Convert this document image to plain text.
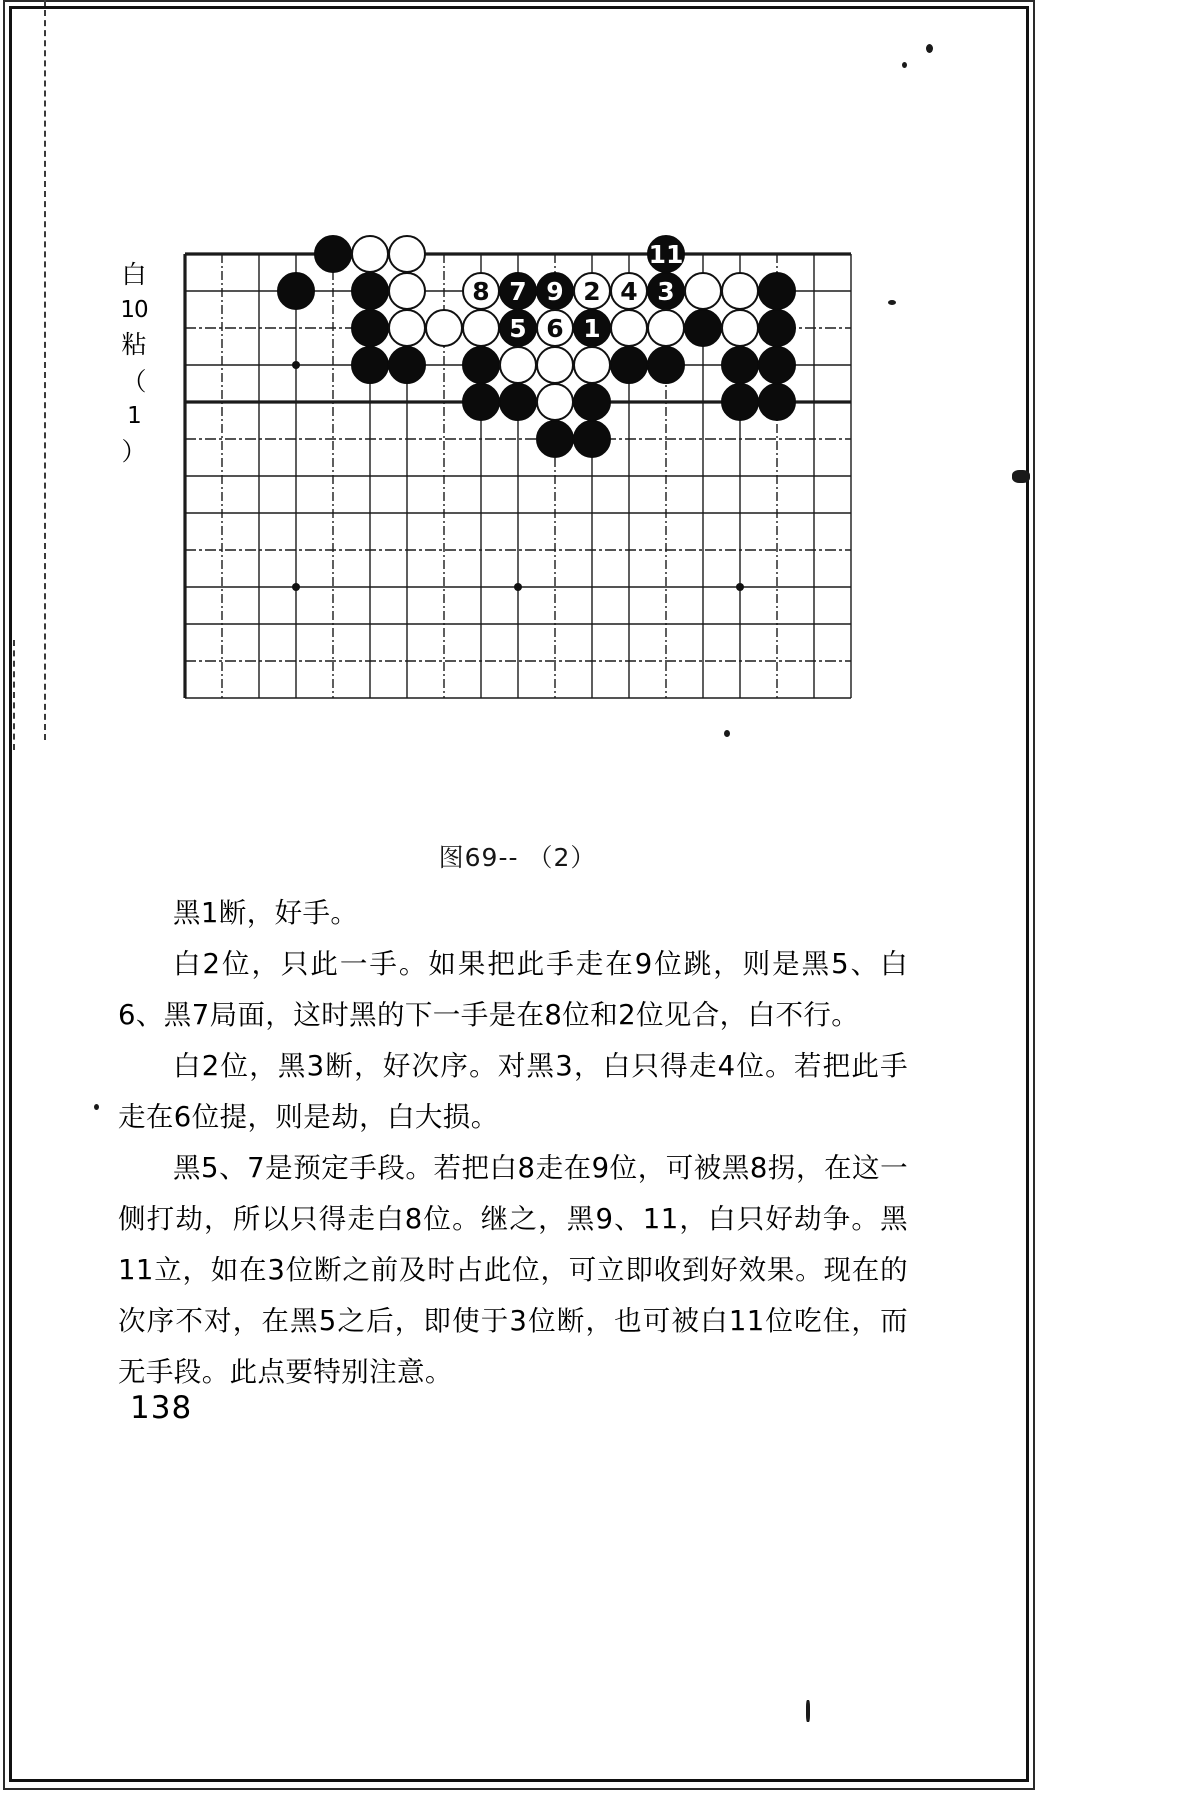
白
10
粘
（
1
）
11
8 7 9 2 4 3
5 6 1
图69-- （2）

黑1断，好手。

白2位，只此一手。如果把此手走在9位跳，则是黑5、白6、黑7局面，这时黑的下一手是在8位和2位见合，白不行。

白2位，黑3断，好次序。对黑3，白只得走4位。若把此手走在6位提，则是劫，白大损。

黑5、7是预定手段。若把白8走在9位，可被黑8拐，在这一侧打劫，所以只得走白8位。继之，黑9、11，白只好劫争。黑11立，如在3位断之前及时占此位，可立即收到好效果。现在的次序不对，在黑5之后，即使于3位断，也可被白11位吃住，而无手段。此点要特别注意。

138
